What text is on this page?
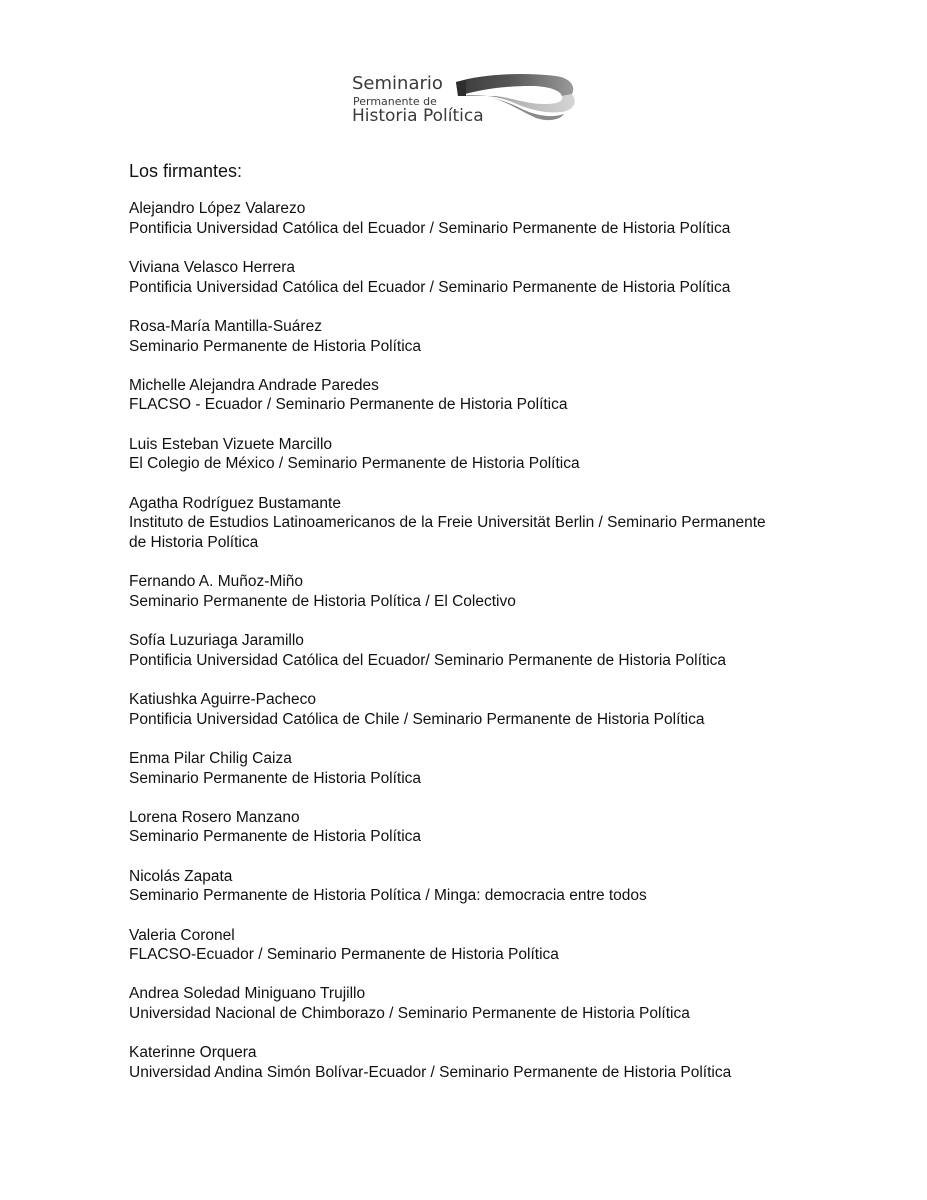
Seminario
Permanente de
Historia Política

Los firmantes:

Alejandro López Valarezo

Pontificia Universidad Católica del Ecuador / Seminario Permanente de Historia Política

Viviana Velasco Herrera

Pontificia Universidad Católica del Ecuador / Seminario Permanente de Historia Política

Rosa-María Mantilla-Suárez

Seminario Permanente de Historia Política

Michelle Alejandra Andrade Paredes

FLACSO - Ecuador / Seminario Permanente de Historia Política

Luis Esteban Vizuete Marcillo

El Colegio de México / Seminario Permanente de Historia Política

Agatha Rodríguez Bustamante

Instituto de Estudios Latinoamericanos de la Freie Universität Berlin / Seminario Permanente de Historia Política

Fernando A. Muñoz-Miño

Seminario Permanente de Historia Política / El Colectivo

Sofía Luzuriaga Jaramillo

Pontificia Universidad Católica del Ecuador/ Seminario Permanente de Historia Política

Katiushka Aguirre-Pacheco

Pontificia Universidad Católica de Chile / Seminario Permanente de Historia Política

Enma Pilar Chilig Caiza

Seminario Permanente de Historia Política

Lorena Rosero Manzano

Seminario Permanente de Historia Política

Nicolás Zapata

Seminario Permanente de Historia Política / Minga: democracia entre todos

Valeria Coronel

FLACSO-Ecuador / Seminario Permanente de Historia Política

Andrea Soledad Miniguano Trujillo

Universidad Nacional de Chimborazo / Seminario Permanente de Historia Política

Katerinne Orquera

Universidad Andina Simón Bolívar-Ecuador / Seminario Permanente de Historia Política
